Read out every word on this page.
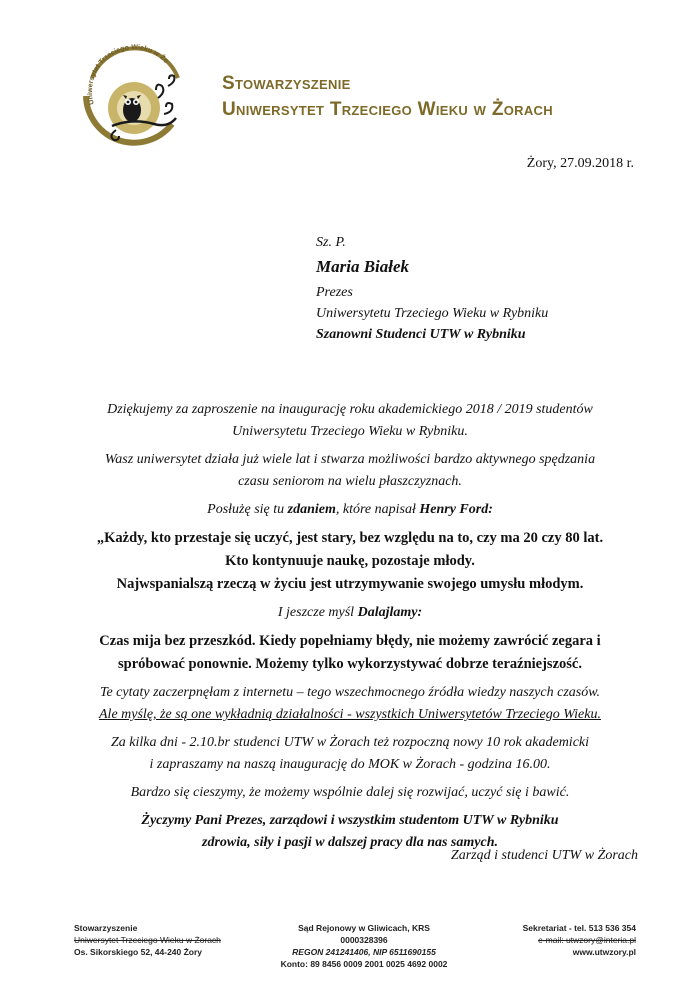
Uniwersytet Trzeciego Wieku w Żo
Stowarzyszenie
Uniwersytet Trzeciego Wieku w Żorach
Żory, 27.09.2018 r.
Sz. P.
Maria Białek
Prezes
Uniwersytetu Trzeciego Wieku w Rybniku
Szanowni Studenci UTW w Rybniku
Dziękujemy za zaproszenie na inaugurację roku akademickiego 2018 / 2019 studentów
Uniwersytetu Trzeciego Wieku w Rybniku.
Wasz uniwersytet działa już wiele lat i stwarza możliwości bardzo aktywnego spędzania
czasu seniorom na wielu płaszczyznach.
Posłużę się tu zdaniem, które napisał Henry Ford:
„Każdy, kto przestaje się uczyć, jest stary, bez względu na to, czy ma 20 czy 80 lat.
Kto kontynuuje naukę, pozostaje młody.
Najwspanialszą rzeczą w życiu jest utrzymywanie swojego umysłu młodym.
I jeszcze myśl Dalajlamy:
Czas mija bez przeszkód. Kiedy popełniamy błędy, nie możemy zawrócić zegara i
spróbować ponownie. Możemy tylko wykorzystywać dobrze teraźniejszość.
Te cytaty zaczerpnęłam z internetu – tego wszechmocnego źródła wiedzy naszych czasów.
Ale myślę, że są one wykładnią działalności - wszystkich Uniwersytetów Trzeciego Wieku.
Za kilka dni - 2.10.br studenci UTW w Żorach też rozpoczną nowy 10 rok akademicki
i zapraszamy na naszą inaugurację do MOK w Żorach - godzina 16.00.
Bardzo się cieszymy, że możemy wspólnie dalej się rozwijać, uczyć się i bawić.
Życzymy Pani Prezes, zarządowi i wszystkim studentom UTW w Rybniku
zdrowia, siły i pasji w dalszej pracy dla nas samych.
Zarząd i studenci UTW w Żorach
Stowarzyszenie
Uniwersytet Trzeciego Wieku w Żorach
Os. Sikorskiego 52, 44-240 Żory
Sąd Rejonowy w Gliwicach, KRS 0000328396
REGON 241241406, NIP 6511690155
Konto: 89 8456 0009 2001 0025 4692 0002
Sekretariat - tel. 513 536 354
e-mail: utwzory@interia.pl
www.utwzory.pl
